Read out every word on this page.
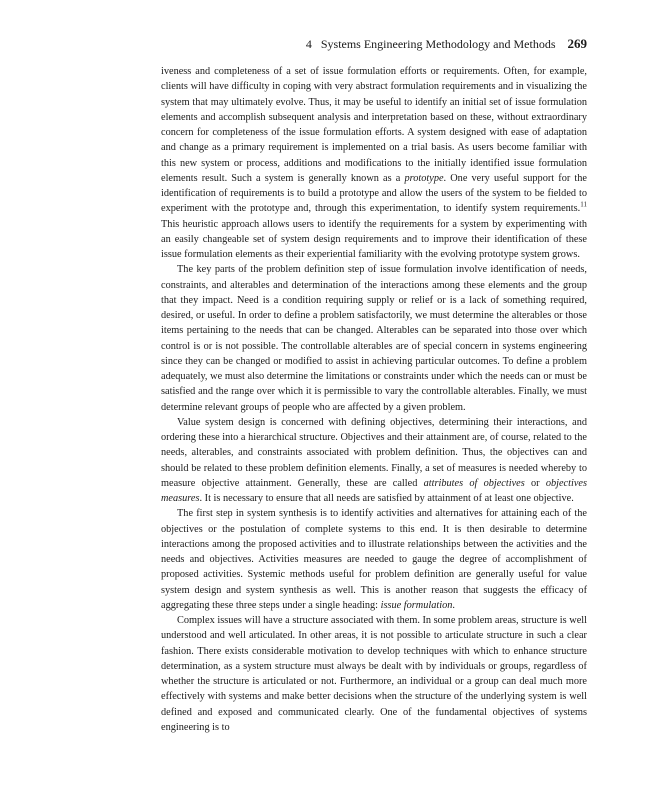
4 Systems Engineering Methodology and Methods 269

iveness and completeness of a set of issue formulation efforts or requirements. Often, for example, clients will have difficulty in coping with very abstract formulation requirements and in visualizing the system that may ultimately evolve. Thus, it may be useful to identify an initial set of issue formulation elements and accomplish subsequent analysis and interpretation based on these, without extraordinary concern for completeness of the issue formulation efforts. A system designed with ease of adaptation and change as a primary requirement is implemented on a trial basis. As users become familiar with this new system or process, additions and modifications to the initially identified issue formulation elements result. Such a system is generally known as a prototype. One very useful support for the identification of requirements is to build a prototype and allow the users of the system to be fielded to experiment with the prototype and, through this experimentation, to identify system requirements.$^{11}$ This heuristic approach allows users to identify the requirements for a system by experimenting with an easily changeable set of system design requirements and to improve their identification of these issue formulation elements as their experiential familiarity with the evolving prototype system grows.

The key parts of the problem definition step of issue formulation involve identification of needs, constraints, and alterables and determination of the interactions among these elements and the group that they impact. Need is a condition requiring supply or relief or is a lack of something required, desired, or useful. In order to define a problem satisfactorily, we must determine the alterables or those items pertaining to the needs that can be changed. Alterables can be separated into those over which control is or is not possible. The controllable alterables are of special concern in systems engineering since they can be changed or modified to assist in achieving particular outcomes. To define a problem adequately, we must also determine the limitations or constraints under which the needs can or must be satisfied and the range over which it is permissible to vary the controllable alterables. Finally, we must determine relevant groups of people who are affected by a given problem.

Value system design is concerned with defining objectives, determining their interactions, and ordering these into a hierarchical structure. Objectives and their attainment are, of course, related to the needs, alterables, and constraints associated with problem definition. Thus, the objectives can and should be related to these problem definition elements. Finally, a set of measures is needed whereby to measure objective attainment. Generally, these are called attributes of objectives or objectives measures. It is necessary to ensure that all needs are satisfied by attainment of at least one objective.

The first step in system synthesis is to identify activities and alternatives for attaining each of the objectives or the postulation of complete systems to this end. It is then desirable to determine interactions among the proposed activities and to illustrate relationships between the activities and the needs and objectives. Activities measures are needed to gauge the degree of accomplishment of proposed activities. Systemic methods useful for problem definition are generally useful for value system design and system synthesis as well. This is another reason that suggests the efficacy of aggregating these three steps under a single heading: issue formulation.

Complex issues will have a structure associated with them. In some problem areas, structure is well understood and well articulated. In other areas, it is not possible to articulate structure in such a clear fashion. There exists considerable motivation to develop techniques with which to enhance structure determination, as a system structure must always be dealt with by individuals or groups, regardless of whether the structure is articulated or not. Furthermore, an individual or a group can deal much more effectively with systems and make better decisions when the structure of the underlying system is well defined and exposed and communicated clearly. One of the fundamental objectives of systems engineering is to
